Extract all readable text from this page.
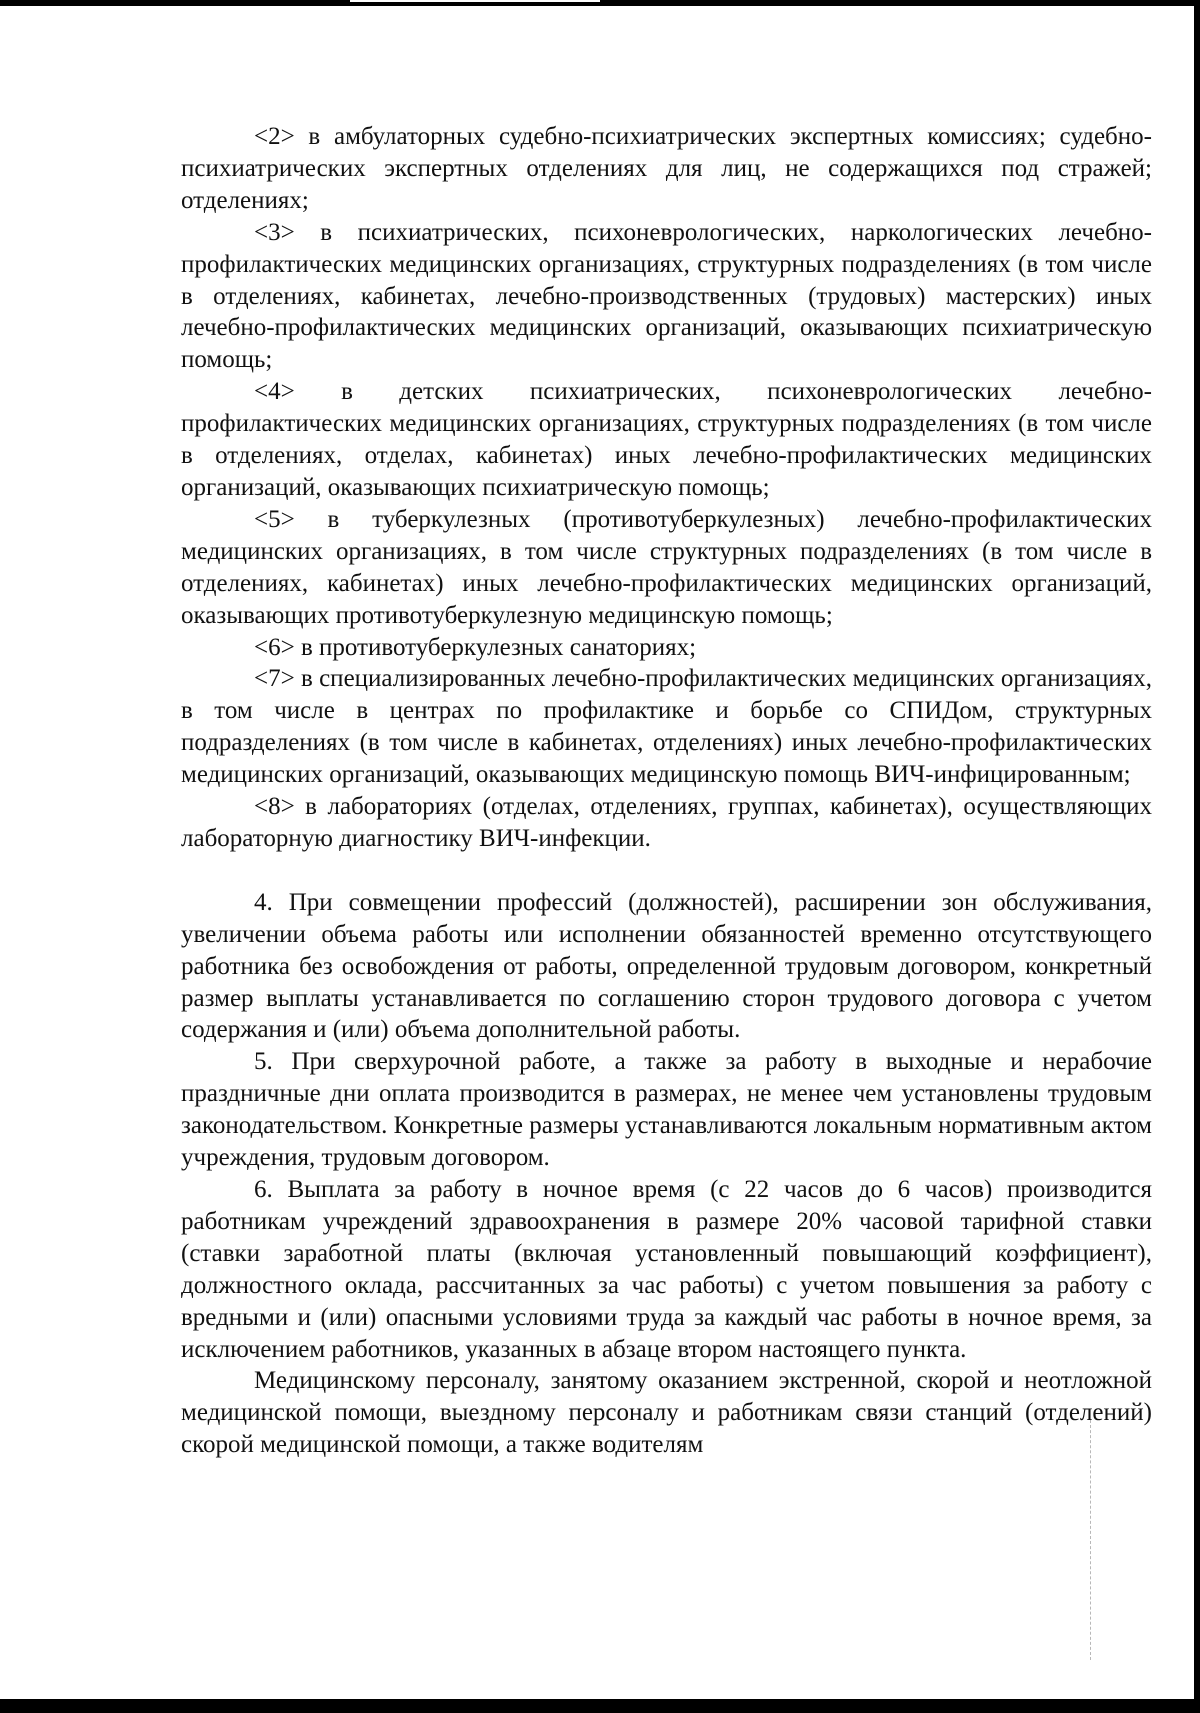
<2> в амбулаторных судебно-психиатрических экспертных комиссиях; судебно-психиатрических экспертных отделениях для лиц, не содержащихся под стражей; отделениях;

<3> в психиатрических, психоневрологических, наркологических лечебно-профилактических медицинских организациях, структурных подразделениях (в том числе в отделениях, кабинетах, лечебно-производственных (трудовых) мастерских) иных лечебно-профилактических медицинских организаций, оказывающих психиатрическую помощь;

<4> в детских психиатрических, психоневрологических лечебно-профилактических медицинских организациях, структурных подразделениях (в том числе в отделениях, отделах, кабинетах) иных лечебно-профилактических медицинских организаций, оказывающих психиатрическую помощь;

<5> в туберкулезных (противотуберкулезных) лечебно-профилактических медицинских организациях, в том числе структурных подразделениях (в том числе в отделениях, кабинетах) иных лечебно-профилактических медицинских организаций, оказывающих противотуберкулезную медицинскую помощь;

<6> в противотуберкулезных санаториях;

<7> в специализированных лечебно-профилактических медицинских организациях, в том числе в центрах по профилактике и борьбе со СПИДом, структурных подразделениях (в том числе в кабинетах, отделениях) иных лечебно-профилактических медицинских организаций, оказывающих медицинскую помощь ВИЧ-инфицированным;

<8> в лабораториях (отделах, отделениях, группах, кабинетах), осуществляющих лабораторную диагностику ВИЧ-инфекции.

4. При совмещении профессий (должностей), расширении зон обслуживания, увеличении объема работы или исполнении обязанностей временно отсутствующего работника без освобождения от работы, определенной трудовым договором, конкретный размер выплаты устанавливается по соглашению сторон трудового договора с учетом содержания и (или) объема дополнительной работы.

5. При сверхурочной работе, а также за работу в выходные и нерабочие праздничные дни оплата производится в размерах, не менее чем установлены трудовым законодательством. Конкретные размеры устанавливаются локальным нормативным актом учреждения, трудовым договором.

6. Выплата за работу в ночное время (с 22 часов до 6 часов) производится работникам учреждений здравоохранения в размере 20% часовой тарифной ставки (ставки заработной платы (включая установленный повышающий коэффициент), должностного оклада, рассчитанных за час работы) с учетом повышения за работу с вредными и (или) опасными условиями труда за каждый час работы в ночное время, за исключением работников, указанных в абзаце втором настоящего пункта.

Медицинскому персоналу, занятому оказанием экстренной, скорой и неотложной медицинской помощи, выездному персоналу и работникам связи станций (отделений) скорой медицинской помощи, а также водителям
